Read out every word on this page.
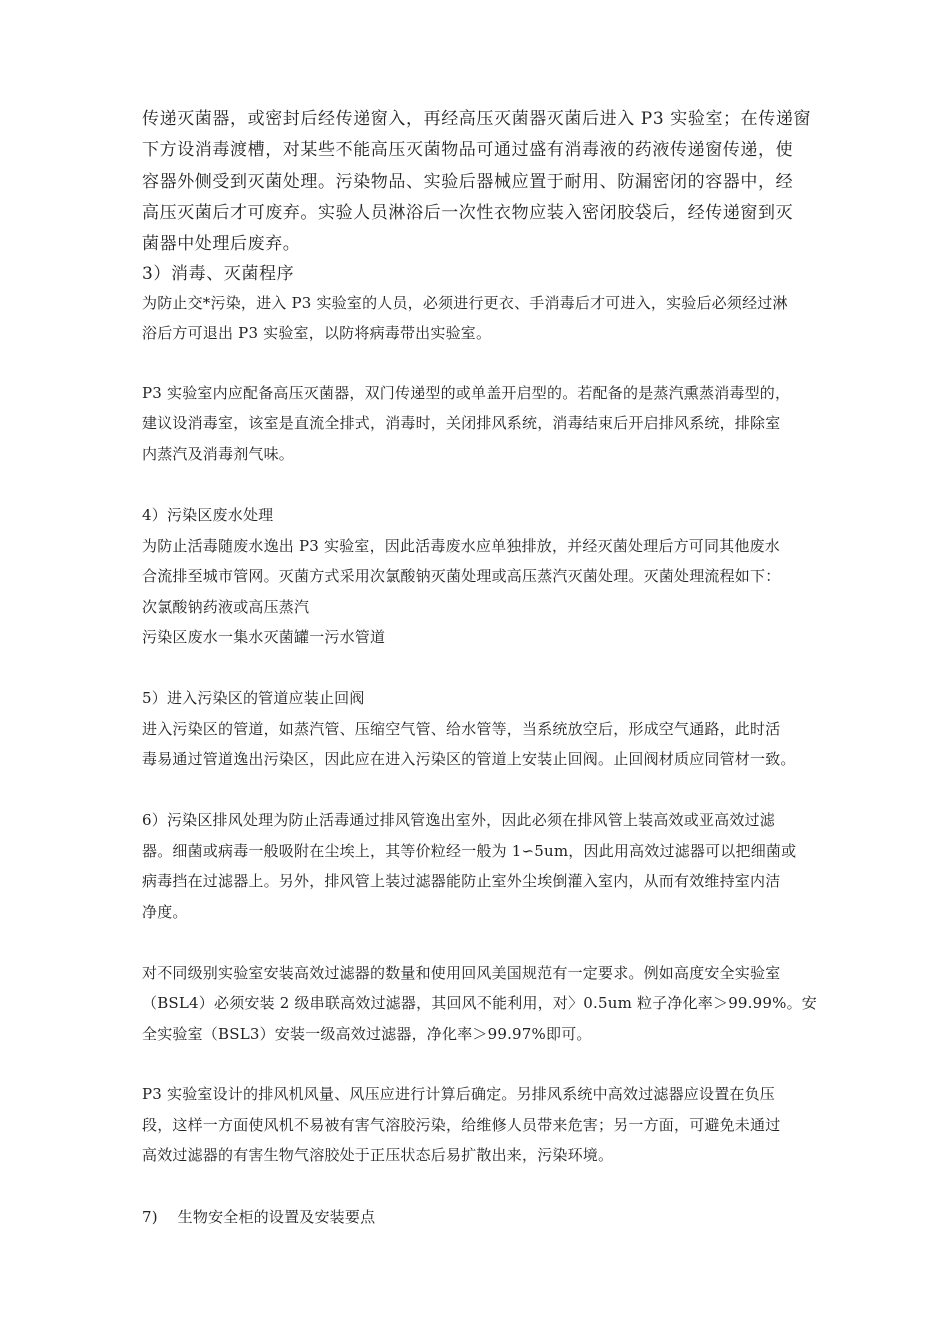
传递灭菌器，或密封后经传递窗入，再经高压灭菌器灭菌后进入 P3 实验室；在传递窗
下方设消毒渡槽，对某些不能高压灭菌物品可通过盛有消毒液的药液传递窗传递，使
容器外侧受到灭菌处理。污染物品、实验后器械应置于耐用、防漏密闭的容器中，经
高压灭菌后才可废弃。实验人员淋浴后一次性衣物应装入密闭胶袋后，经传递窗到灭
菌器中处理后废弃。
3）消毒、灭菌程序
为防止交*污染，进入 P3 实验室的人员，必须进行更衣、手消毒后才可进入，实验后必须经过淋
浴后方可退出 P3 实验室，以防将病毒带出实验室。
P3 实验室内应配备高压灭菌器，双门传递型的或单盖开启型的。若配备的是蒸汽熏蒸消毒型的，
建议设消毒室，该室是直流全排式，消毒时，关闭排风系统，消毒结束后开启排风系统，排除室
内蒸汽及消毒剂气味。
4）污染区废水处理
为防止活毒随废水逸出 P3 实验室，因此活毒废水应单独排放，并经灭菌处理后方可同其他废水
合流排至城市管网。灭菌方式采用次氯酸钠灭菌处理或高压蒸汽灭菌处理。灭菌处理流程如下：
次氯酸钠药液或高压蒸汽
污染区废水一集水灭菌罐一污水管道
5）进入污染区的管道应装止回阀
进入污染区的管道，如蒸汽管、压缩空气管、给水管等，当系统放空后，形成空气通路，此时活
毒易通过管道逸出污染区，因此应在进入污染区的管道上安装止回阀。止回阀材质应同管材一致。
6）污染区排风处理为防止活毒通过排风管逸出室外，因此必须在排风管上装高效或亚高效过滤
器。细菌或病毒一般吸附在尘埃上，其等价粒经一般为 1∽5um，因此用高效过滤器可以把细菌或
病毒挡在过滤器上。另外，排风管上装过滤器能防止室外尘埃倒灌入室内，从而有效维持室内洁
净度。
对不同级别实验室安装高效过滤器的数量和使用回风美国规范有一定要求。例如高度安全实验室
（BSL4）必须安装 2 级串联高效过滤器，其回风不能利用，对〉0.5um 粒子净化率＞99.99%。安
全实验室（BSL3）安装一级高效过滤器，净化率＞99.97%即可。
P3 实验室设计的排风机风量、风压应进行计算后确定。另排风系统中高效过滤器应设置在负压
段，这样一方面使风机不易被有害气溶胶污染，给维修人员带来危害；另一方面，可避免未通过
高效过滤器的有害生物气溶胶处于正压状态后易扩散出来，污染环境。
7)    生物安全柜的设置及安装要点
